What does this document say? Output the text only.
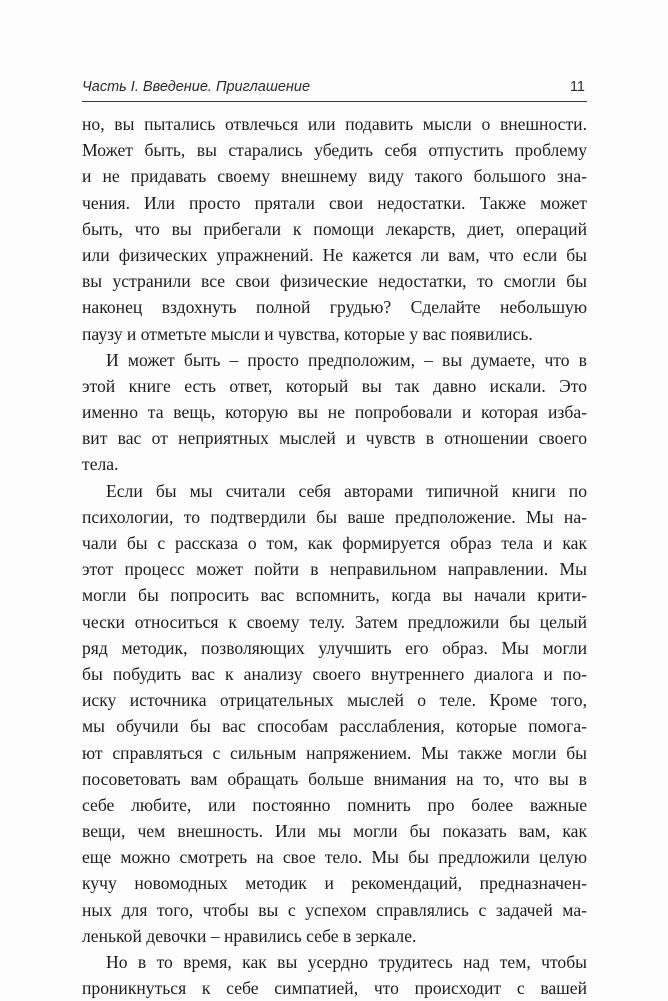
Часть I. Введение. Приглашение	11
но, вы пытались отвлечься или подавить мысли о внешности.
Может быть, вы старались убедить себя отпустить проблему
и не придавать своему внешнему виду такого большого зна-
чения. Или просто прятали свои недостатки. Также может
быть, что вы прибегали к помощи лекарств, диет, операций
или физических упражнений. Не кажется ли вам, что если бы
вы устранили все свои физические недостатки, то смогли бы
наконец вздохнуть полной грудью? Сделайте небольшую
паузу и отметьте мысли и чувства, которые у вас появились.
И может быть – просто предположим, – вы думаете, что в
этой книге есть ответ, который вы так давно искали. Это
именно та вещь, которую вы не попробовали и которая изба-
вит вас от неприятных мыслей и чувств в отношении своего
тела.
Если бы мы считали себя авторами типичной книги по
психологии, то подтвердили бы ваше предположение. Мы на-
чали бы с рассказа о том, как формируется образ тела и как
этот процесс может пойти в неправильном направлении. Мы
могли бы попросить вас вспомнить, когда вы начали крити-
чески относиться к своему телу. Затем предложили бы целый
ряд методик, позволяющих улучшить его образ. Мы могли
бы побудить вас к анализу своего внутреннего диалога и по-
иску источника отрицательных мыслей о теле. Кроме того,
мы обучили бы вас способам расслабления, которые помога-
ют справляться с сильным напряжением. Мы также могли бы
посоветовать вам обращать больше внимания на то, что вы в
себе любите, или постоянно помнить про более важные
вещи, чем внешность. Или мы могли бы показать вам, как
еще можно смотреть на свое тело. Мы бы предложили целую
кучу новомодных методик и рекомендаций, предназначен-
ных для того, чтобы вы с успехом справлялись с задачей ма-
ленькой девочки – нравились себе в зеркале.
Но в то время, как вы усердно трудитесь над тем, чтобы
проникнуться к себе симпатией, что происходит с вашей
